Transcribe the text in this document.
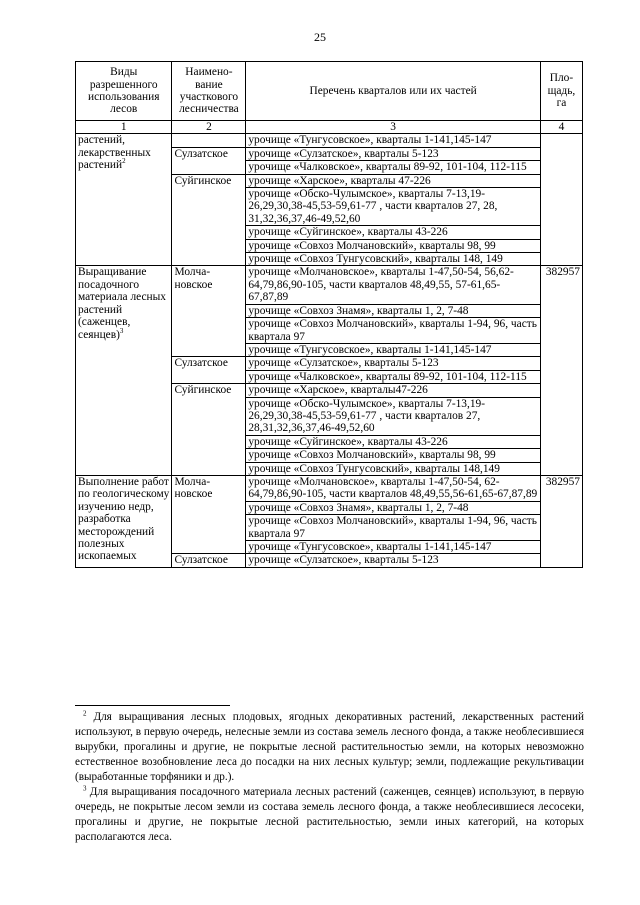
25
Виды разрешенного использования лесов	Наимено-вание участкового лесничества	Перечень кварталов или их частей	Пло-щадь, га
1	2	3	4
растений, лекарственных растений$^2$		урочище «Тунгусовское», кварталы 1-141,145-147	
	Сулзатское	урочище «Сулзатское», кварталы 5-123	
		урочище «Чалковское», кварталы 89-92, 101-104, 112-115	
	Суйгинское	урочище «Харское», кварталы 47-226	
		урочище «Обско-Чулымское», кварталы 7-13,19-26,29,30,38-45,53-59,61-77 , части кварталов 27, 28, 31,32,36,37,46-49,52,60	
		урочище «Суйгинское», кварталы 43-226	
		урочище «Совхоз Молчановский», кварталы 98, 99	
		урочище «Совхоз Тунгусовский», кварталы 148, 149	
Выращивание посадочного материала лесных растений (саженцев, сеянцев)$^3$	Молча-новское	урочище «Молчановское», кварталы 1-47,50-54, 56,62-64,79,86,90-105, части кварталов 48,49,55, 57-61,65-67,87,89	382957
		урочище «Совхоз Знамя», кварталы 1, 2, 7-48	
		урочище «Совхоз Молчановский», кварталы 1-94, 96, часть квартала 97	
		урочище «Тунгусовское», кварталы 1-141,145-147	
	Сулзатское	урочище «Сулзатское», кварталы 5-123	
		урочище «Чалковское», кварталы 89-92, 101-104, 112-115	
	Суйгинское	урочище «Харское», кварталы47-226	
		урочище «Обско-Чулымское», кварталы 7-13,19-26,29,30,38-45,53-59,61-77 , части кварталов 27, 28,31,32,36,37,46-49,52,60	
		урочище «Суйгинское», кварталы 43-226	
		урочище «Совхоз Молчановский», кварталы 98, 99	
		урочище «Совхоз Тунгусовский», кварталы 148,149	
Выполнение работ по геологическому изучению недр, разработка месторождений полезных ископаемых	Молча-новское	урочище «Молчановское», кварталы 1-47,50-54, 62-64,79,86,90-105, части кварталов 48,49,55,56-61,65-67,87,89	382957
		урочище «Совхоз Знамя», кварталы 1, 2, 7-48	
		урочище «Совхоз Молчановский», кварталы 1-94, 96, часть квартала 97	
		урочище «Тунгусовское», кварталы 1-141,145-147	
	Сулзатское	урочище «Сулзатское», кварталы 5-123	

$^2$ Для выращивания лесных плодовых, ягодных декоративных растений, лекарственных растений используют, в первую очередь, нелесные земли из состава земель лесного фонда, а также необлесившиеся вырубки, прогалины и другие, не покрытые лесной растительностью земли, на которых невозможно естественное возобновление леса до посадки на них лесных культур; земли, подлежащие рекультивации (выработанные торфяники и др.).

$^3$ Для выращивания посадочного материала лесных растений (саженцев, сеянцев) используют, в первую очередь, не покрытые лесом земли из состава земель лесного фонда, а также необлесившиеся лесосеки, прогалины и другие, не покрытые лесной растительностью, земли иных категорий, на которых располагаются леса.
